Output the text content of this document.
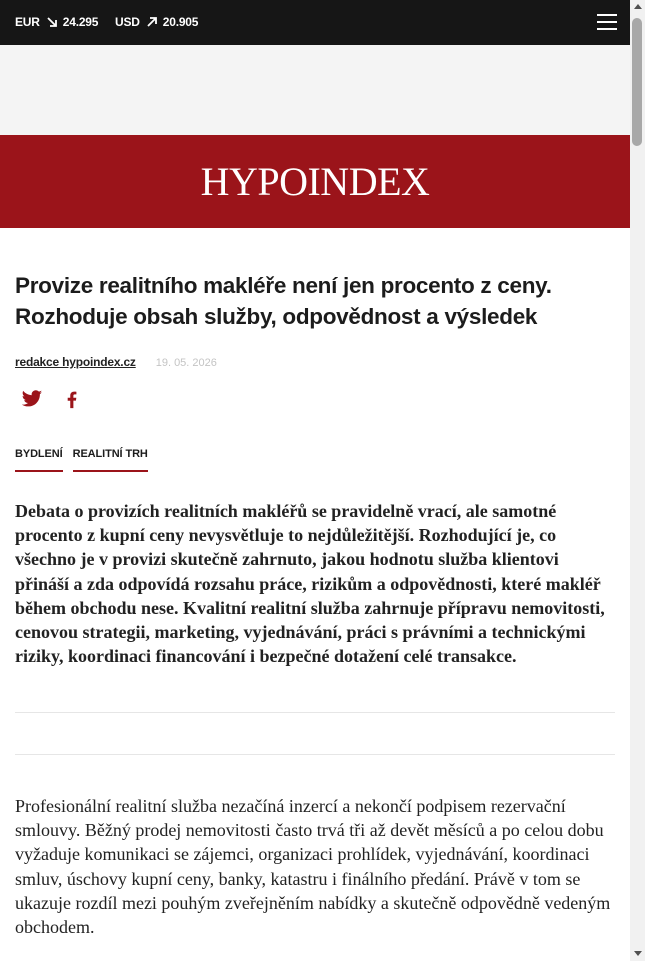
EUR 24.295 USD 20.905
HYPOINDEX
Provize realitního makléře není jen procento z ceny. Rozhoduje obsah služby, odpovědnost a výsledek
redakce hypoindex.cz 19. 05. 2026
BYDLENÍ REALITNÍ TRH

Debata o provizích realitních makléřů se pravidelně vrací, ale samotné procento z kupní ceny nevysvětluje to nejdůležitější. Rozhodující je, co všechno je v provizi skutečně zahrnuto, jakou hodnotu služba klientovi přináší a zda odpovídá rozsahu práce, rizikům a odpovědnosti, které makléř během obchodu nese. Kvalitní realitní služba zahrnuje přípravu nemovitosti, cenovou strategii, marketing, vyjednávání, práci s právními a technickými riziky, koordinaci financování i bezpečné dotažení celé transakce.

Profesionální realitní služba nezačíná inzercí a nekončí podpisem rezervační smlouvy. Běžný prodej nemovitosti často trvá tři až devět měsíců a po celou dobu vyžaduje komunikaci se zájemci, organizaci prohlídek, vyjednávání, koordinaci smluv, úschovy kupní ceny, banky, katastru i finálního předání. Právě v tom se ukazuje rozdíl mezi pouhým zveřejněním nabídky a skutečně odpovědně vedeným obchodem.
